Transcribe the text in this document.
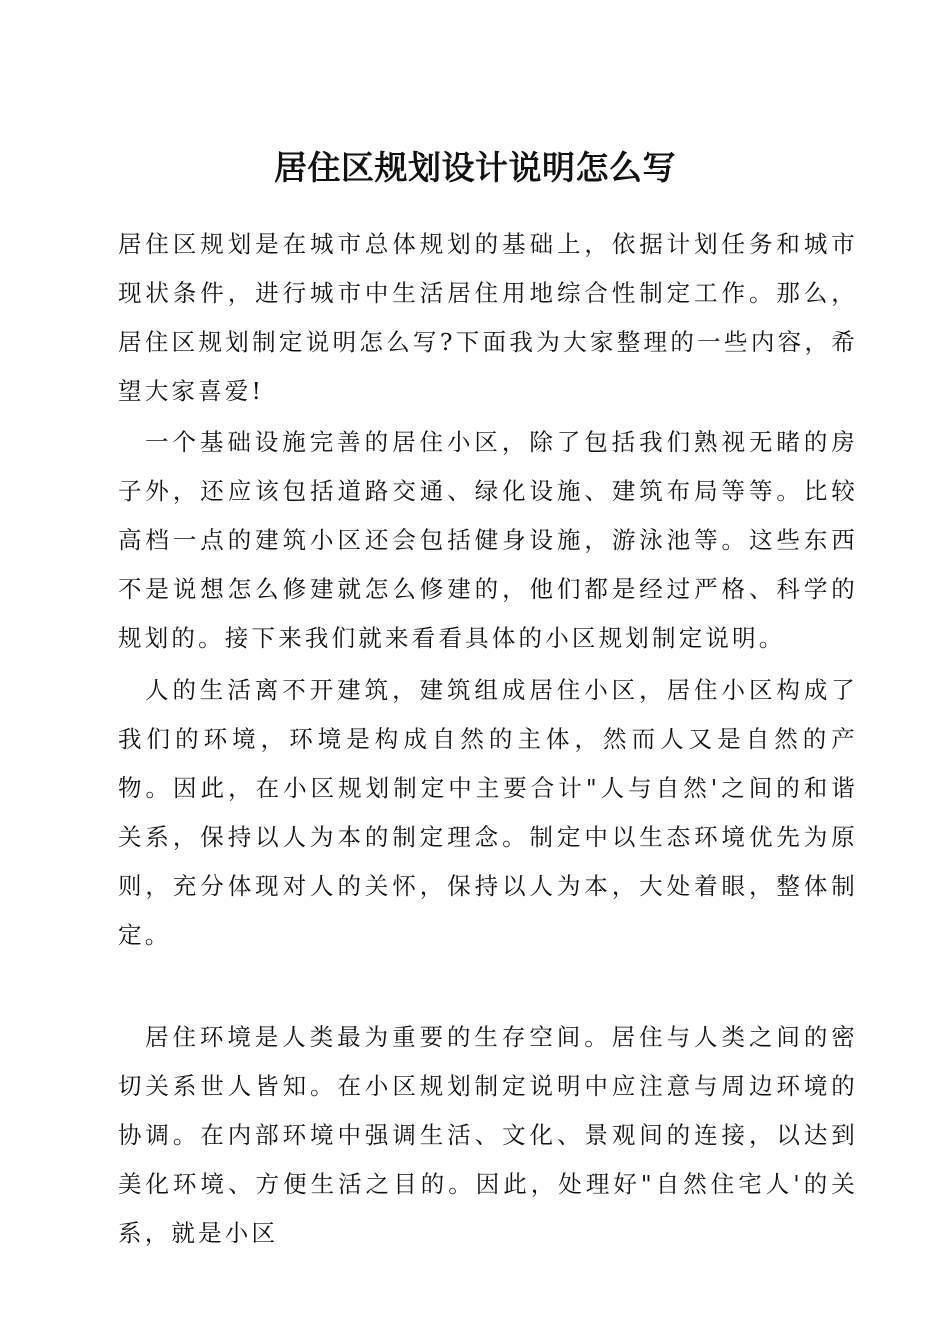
居住区规划设计说明怎么写

居住区规划是在城市总体规划的基础上，依据计划任务和城市现状条件，进行城市中生活居住用地综合性制定工作。那么，居住区规划制定说明怎么写?下面我为大家整理的一些内容，希望大家喜爱!

一个基础设施完善的居住小区，除了包括我们熟视无睹的房子外，还应该包括道路交通、绿化设施、建筑布局等等。比较高档一点的建筑小区还会包括健身设施，游泳池等。这些东西不是说想怎么修建就怎么修建的，他们都是经过严格、科学的规划的。接下来我们就来看看具体的小区规划制定说明。

人的生活离不开建筑，建筑组成居住小区，居住小区构成了我们的环境，环境是构成自然的主体，然而人又是自然的产物。因此，在小区规划制定中主要合计"人与自然'之间的和谐关系，保持以人为本的制定理念。制定中以生态环境优先为原则，充分体现对人的关怀，保持以人为本，大处着眼，整体制定。

居住环境是人类最为重要的生存空间。居住与人类之间的密切关系世人皆知。在小区规划制定说明中应注意与周边环境的协调。在内部环境中强调生活、文化、景观间的连接，以达到美化环境、方便生活之目的。因此，处理好"自然住宅人'的关系，就是小区
